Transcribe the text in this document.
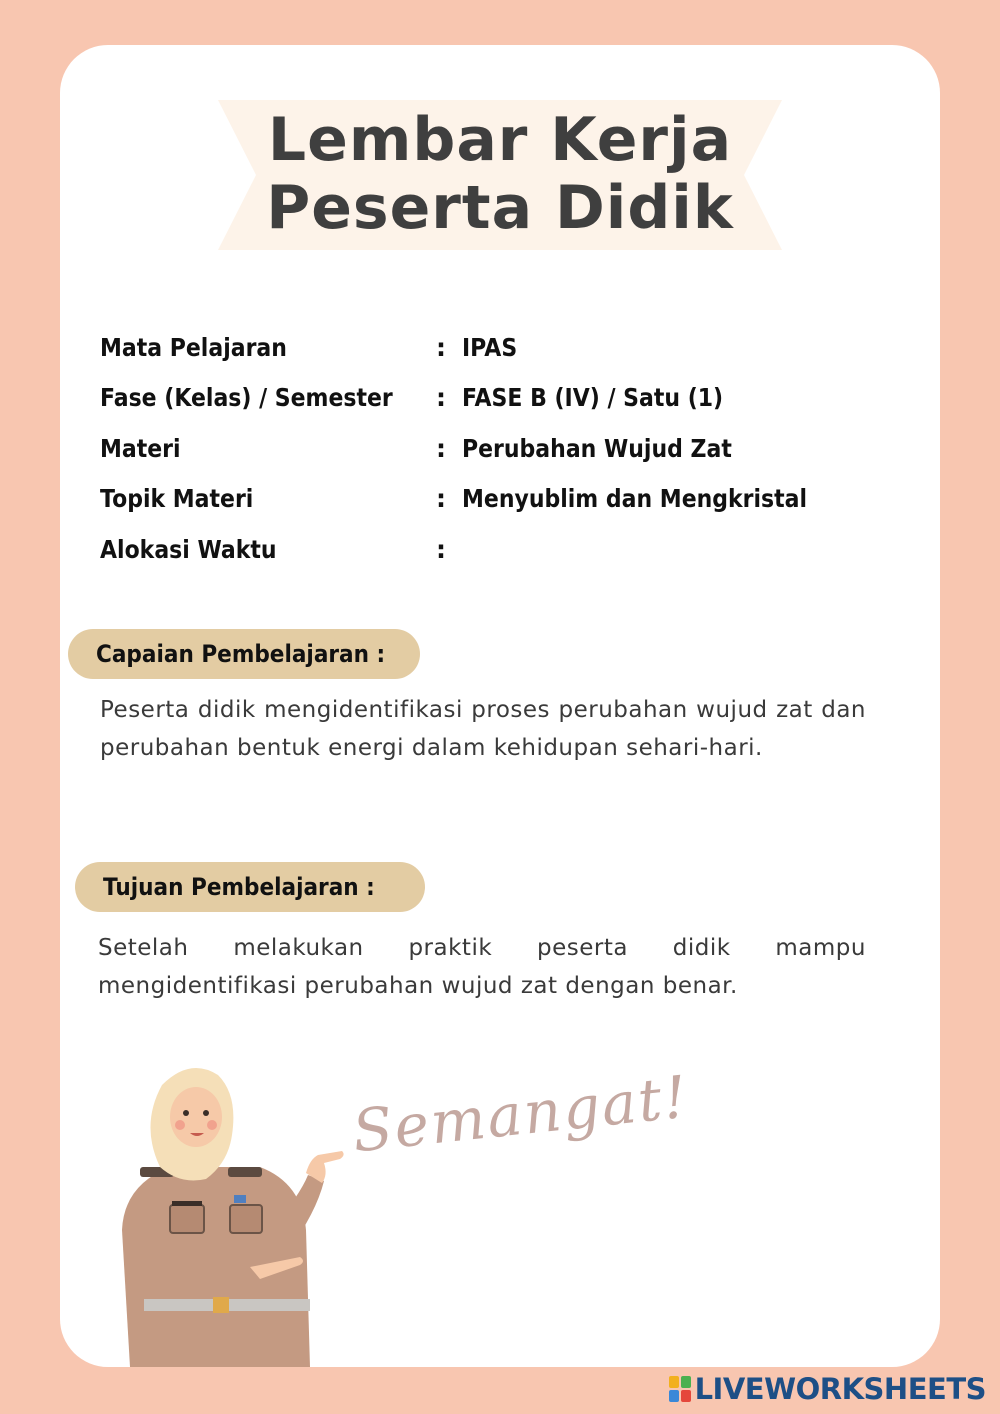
Lembar Kerja
Peserta Didik
Mata Pelajaran	: IPAS
Fase (Kelas) / Semester : FASE B (IV) / Satu (1)
Materi	: Perubahan Wujud Zat
Topik Materi	: Menyublim dan Mengkristal
Alokasi Waktu	:
Capaian Pembelajaran :

Peserta didik mengidentifikasi proses perubahan wujud zat dan perubahan bentuk energi dalam kehidupan sehari-hari.

Tujuan Pembelajaran :

Setelah melakukan praktik peserta didik mampu mengidentifikasi perubahan wujud zat dengan benar.

Semangat!
LIVEWORKSHEETS
